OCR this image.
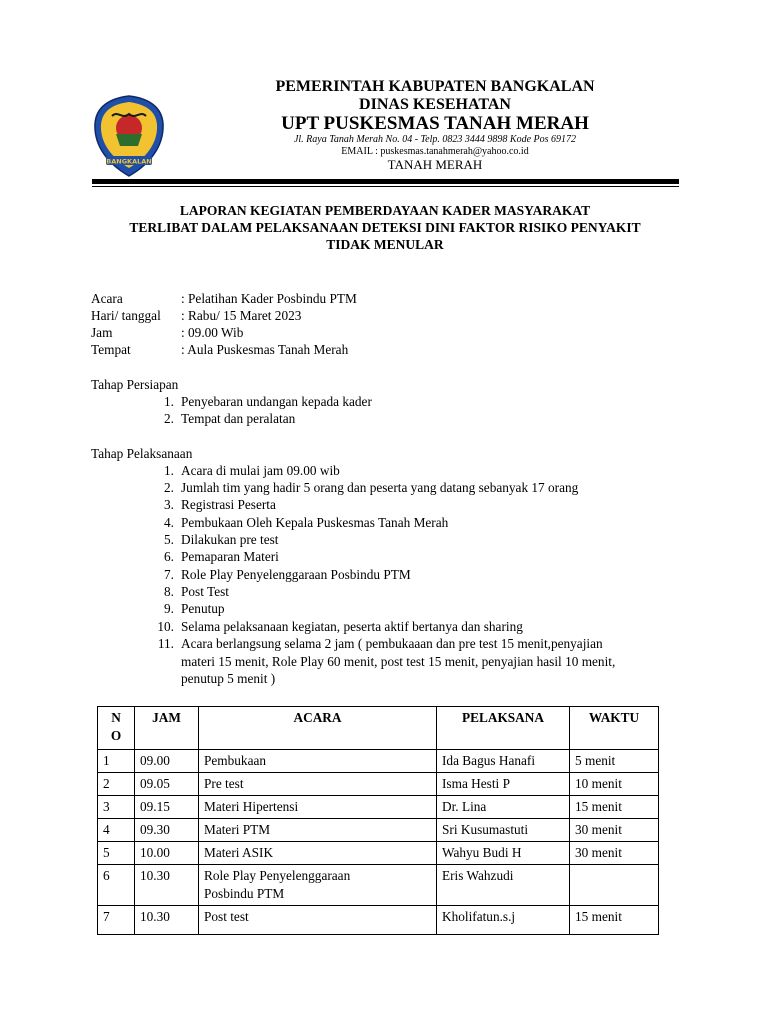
BANGKALAN
PEMERINTAH KABUPATEN BANGKALAN
DINAS KESEHATAN
UPT PUSKESMAS TANAH MERAH
Jl. Raya Tanah Merah No. 04 - Telp. 0823 3444 9898 Kode Pos 69172
EMAIL : puskesmas.tanahmerah@yahoo.co.id
TANAH MERAH
LAPORAN KEGIATAN PEMBERDAYAAN KADER MASYARAKAT
TERLIBAT DALAM PELAKSANAAN DETEKSI DINI FAKTOR RISIKO PENYAKIT
TIDAK MENULAR
Acara	: Pelatihan Kader Posbindu PTM
Hari/ tanggal : Rabu/ 15 Maret 2023
Jam	: 09.00 Wib
Tempat	: Aula Puskesmas Tanah Merah
Tahap Persiapan
1. Penyebaran undangan kepada kader
2. Tempat dan peralatan
Tahap Pelaksanaan
1. Acara di mulai jam 09.00 wib
2. Jumlah tim yang hadir 5 orang dan peserta yang datang sebanyak 17 orang
3. Registrasi Peserta
4. Pembukaan Oleh Kepala Puskesmas Tanah Merah
5. Dilakukan pre test
6. Pemaparan Materi
7. Role Play Penyelenggaraan Posbindu PTM
8. Post Test
9. Penutup
10. Selama pelaksanaan kegiatan, peserta aktif bertanya dan sharing
11. Acara berlangsung selama 2 jam ( pembukaaan dan pre test 15 menit,penyajian
materi 15 menit, Role Play 60 menit, post test 15 menit, penyajian hasil 10 menit,
penutup 5 menit )
N
O	JAM	ACARA	PELAKSANA	WAKTU
1	09.00	Pembukaan	Ida Bagus Hanafi	5 menit
2	09.05	Pre test	Isma Hesti P	10 menit
3	09.15	Materi Hipertensi	Dr. Lina	15 menit
4	09.30	Materi PTM	Sri Kusumastuti	30 menit
5	10.00	Materi ASIK	Wahyu Budi H	30 menit
6	10.30	Role Play Penyelenggaraan
Posbindu PTM	Eris Wahzudi	
7	10.30	Post test	Kholifatun.s.j	15 menit
